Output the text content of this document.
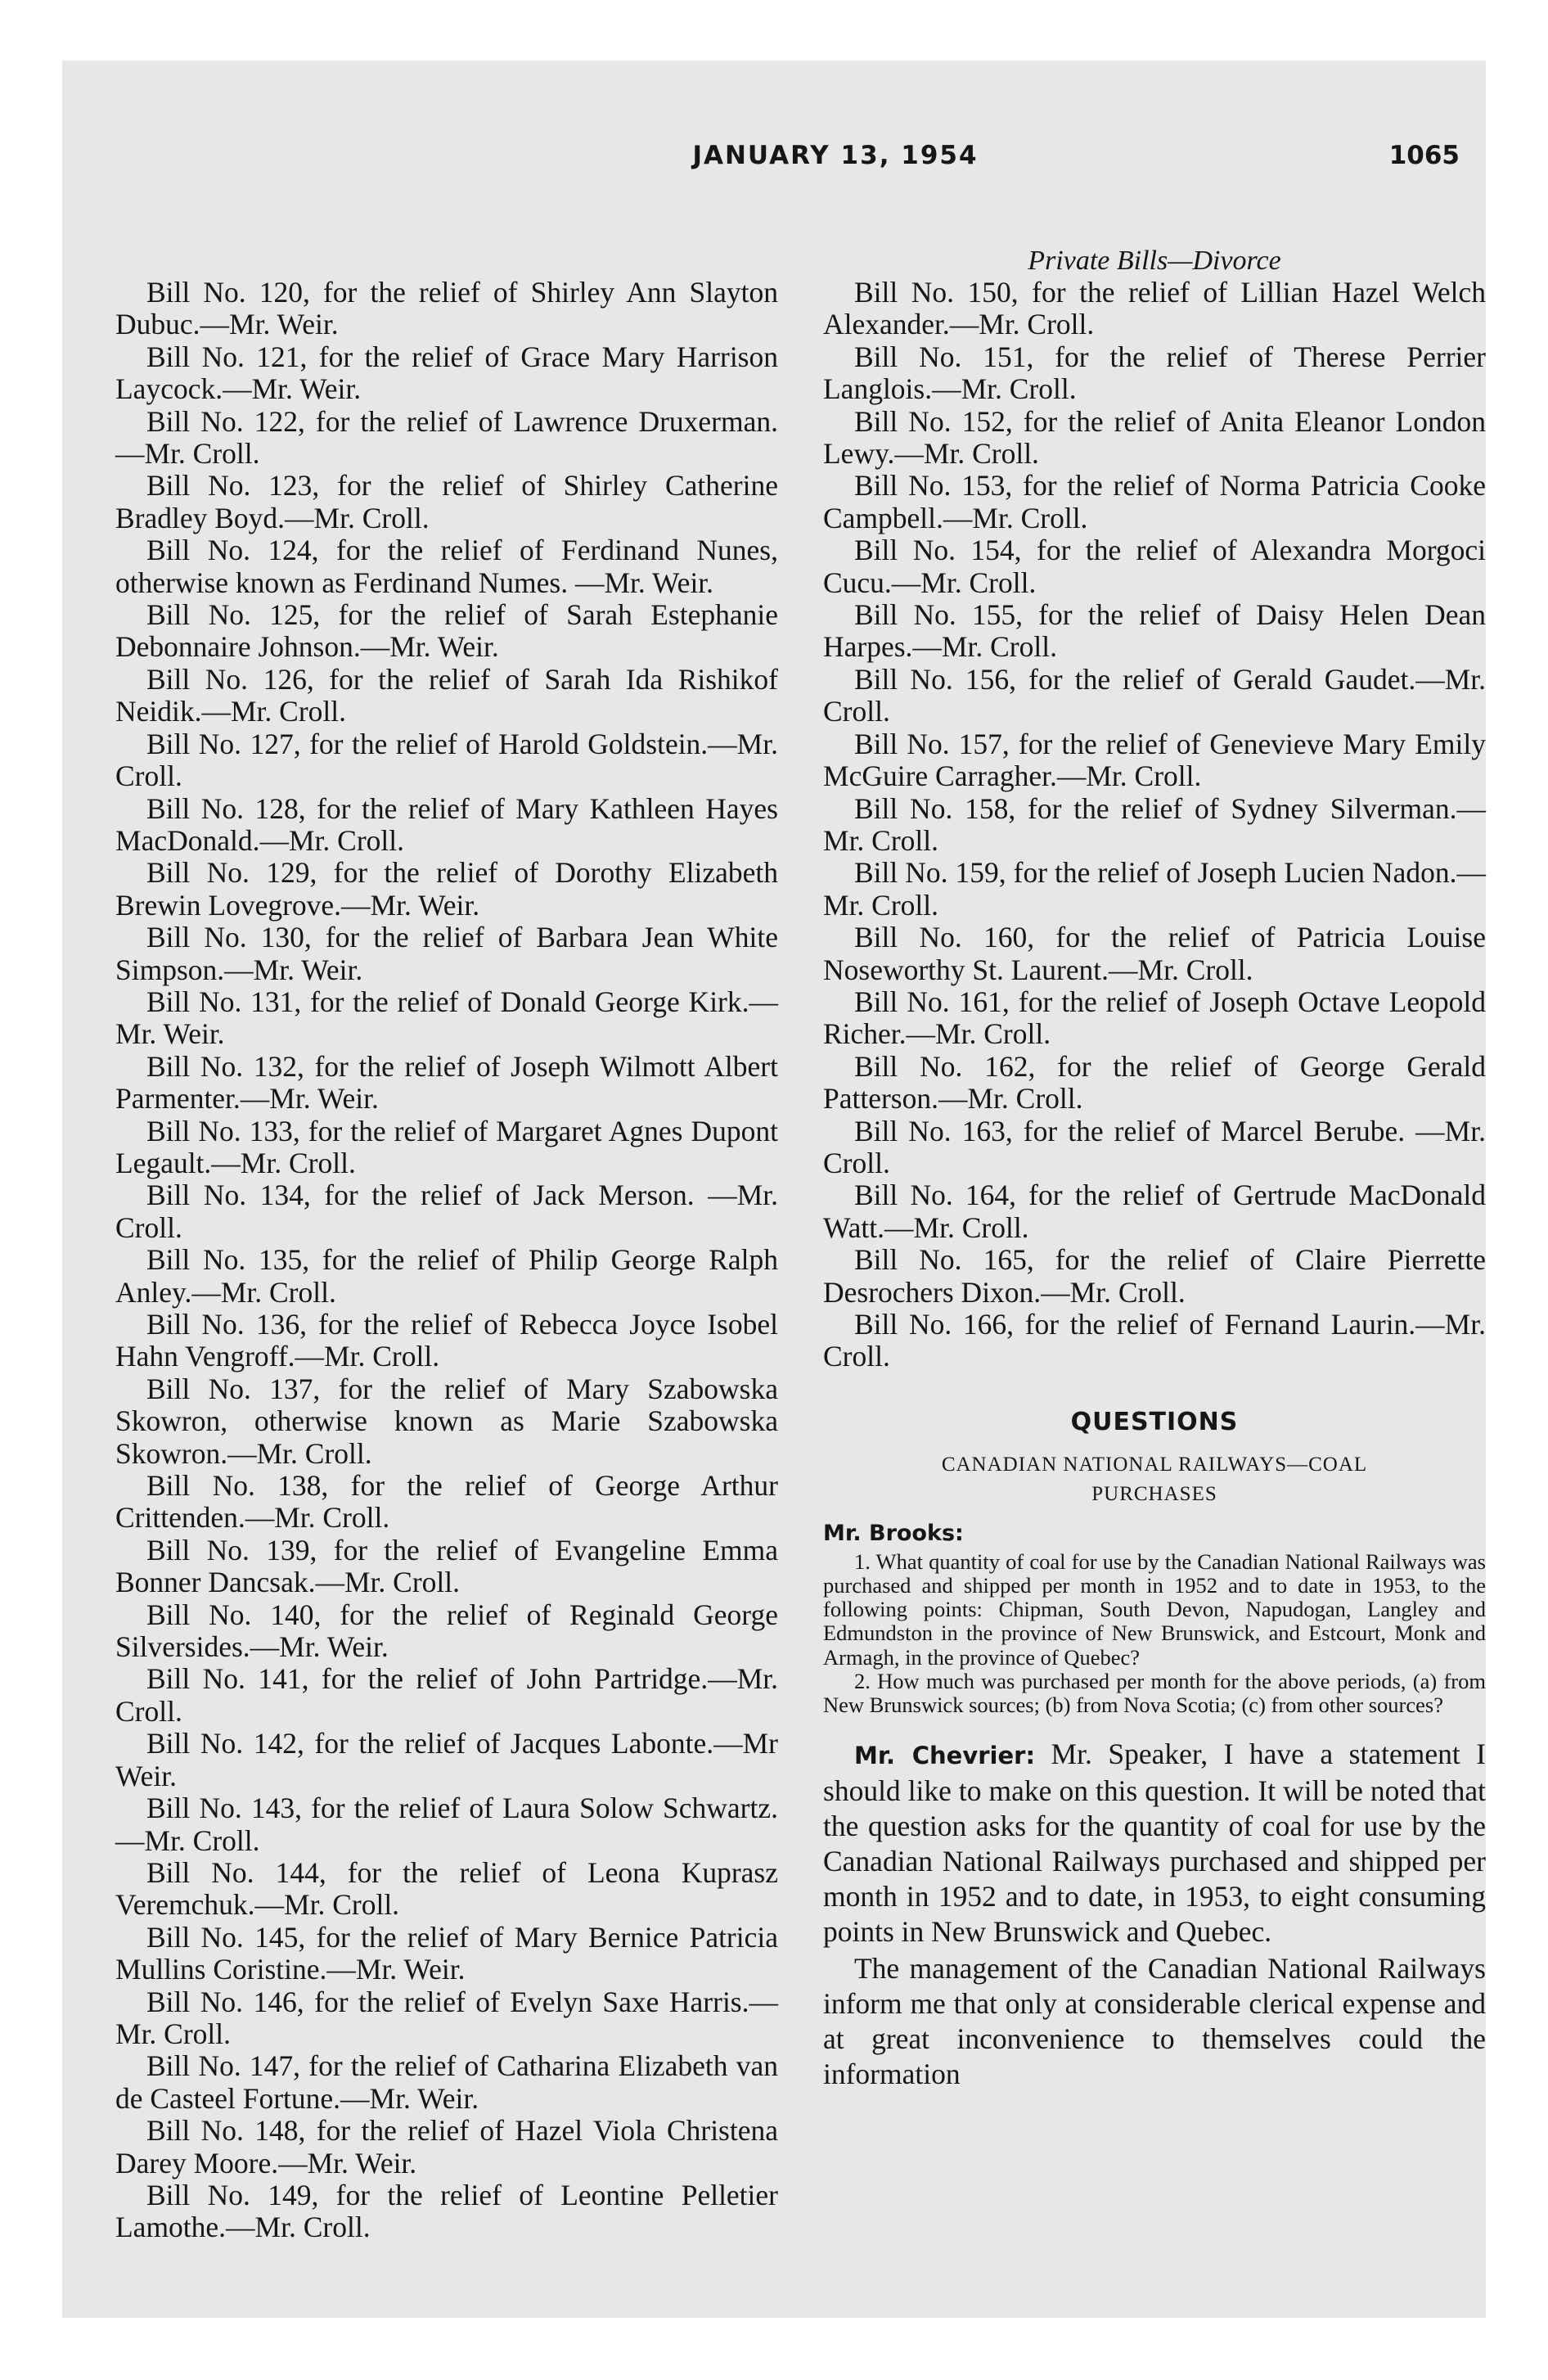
JANUARY 13, 1954	1065

Bill No. 120, for the relief of Shirley Ann Slayton Dubuc.—Mr. Weir.

Bill No. 121, for the relief of Grace Mary Harrison Laycock.—Mr. Weir.

Bill No. 122, for the relief of Lawrence Druxerman.—Mr. Croll.

Bill No. 123, for the relief of Shirley Catherine Bradley Boyd.—Mr. Croll.

Bill No. 124, for the relief of Ferdinand Nunes, otherwise known as Ferdinand Numes. —Mr. Weir.

Bill No. 125, for the relief of Sarah Estephanie Debonnaire Johnson.—Mr. Weir.

Bill No. 126, for the relief of Sarah Ida Rishikof Neidik.—Mr. Croll.

Bill No. 127, for the relief of Harold Goldstein.—Mr. Croll.

Bill No. 128, for the relief of Mary Kathleen Hayes MacDonald.—Mr. Croll.

Bill No. 129, for the relief of Dorothy Elizabeth Brewin Lovegrove.—Mr. Weir.

Bill No. 130, for the relief of Barbara Jean White Simpson.—Mr. Weir.

Bill No. 131, for the relief of Donald George Kirk.—Mr. Weir.

Bill No. 132, for the relief of Joseph Wilmott Albert Parmenter.—Mr. Weir.

Bill No. 133, for the relief of Margaret Agnes Dupont Legault.—Mr. Croll.

Bill No. 134, for the relief of Jack Merson. —Mr. Croll.

Bill No. 135, for the relief of Philip George Ralph Anley.—Mr. Croll.

Bill No. 136, for the relief of Rebecca Joyce Isobel Hahn Vengroff.—Mr. Croll.

Bill No. 137, for the relief of Mary Szabowska Skowron, otherwise known as Marie Szabowska Skowron.—Mr. Croll.

Bill No. 138, for the relief of George Arthur Crittenden.—Mr. Croll.

Bill No. 139, for the relief of Evangeline Emma Bonner Dancsak.—Mr. Croll.

Bill No. 140, for the relief of Reginald George Silversides.—Mr. Weir.

Bill No. 141, for the relief of John Partridge.—Mr. Croll.

Bill No. 142, for the relief of Jacques Labonte.—Mr Weir.

Bill No. 143, for the relief of Laura Solow Schwartz.—Mr. Croll.

Bill No. 144, for the relief of Leona Kuprasz Veremchuk.—Mr. Croll.

Bill No. 145, for the relief of Mary Bernice Patricia Mullins Coristine.—Mr. Weir.

Bill No. 146, for the relief of Evelyn Saxe Harris.—Mr. Croll.

Bill No. 147, for the relief of Catharina Elizabeth van de Casteel Fortune.—Mr. Weir.

Bill No. 148, for the relief of Hazel Viola Christena Darey Moore.—Mr. Weir.

Bill No. 149, for the relief of Leontine Pelletier Lamothe.—Mr. Croll.

Private Bills—Divorce

Bill No. 150, for the relief of Lillian Hazel Welch Alexander.—Mr. Croll.

Bill No. 151, for the relief of Therese Perrier Langlois.—Mr. Croll.

Bill No. 152, for the relief of Anita Eleanor London Lewy.—Mr. Croll.

Bill No. 153, for the relief of Norma Patricia Cooke Campbell.—Mr. Croll.

Bill No. 154, for the relief of Alexandra Morgoci Cucu.—Mr. Croll.

Bill No. 155, for the relief of Daisy Helen Dean Harpes.—Mr. Croll.

Bill No. 156, for the relief of Gerald Gaudet.—Mr. Croll.

Bill No. 157, for the relief of Genevieve Mary Emily McGuire Carragher.—Mr. Croll.

Bill No. 158, for the relief of Sydney Silverman.—Mr. Croll.

Bill No. 159, for the relief of Joseph Lucien Nadon.—Mr. Croll.

Bill No. 160, for the relief of Patricia Louise Noseworthy St. Laurent.—Mr. Croll.

Bill No. 161, for the relief of Joseph Octave Leopold Richer.—Mr. Croll.

Bill No. 162, for the relief of George Gerald Patterson.—Mr. Croll.

Bill No. 163, for the relief of Marcel Berube. —Mr. Croll.

Bill No. 164, for the relief of Gertrude MacDonald Watt.—Mr. Croll.

Bill No. 165, for the relief of Claire Pierrette Desrochers Dixon.—Mr. Croll.

Bill No. 166, for the relief of Fernand Laurin.—Mr. Croll.

QUESTIONS
CANADIAN NATIONAL RAILWAYS—COAL
PURCHASES
Mr. Brooks:

1. What quantity of coal for use by the Canadian National Railways was purchased and shipped per month in 1952 and to date in 1953, to the following points: Chipman, South Devon, Napudogan, Langley and Edmundston in the province of New Brunswick, and Estcourt, Monk and Armagh, in the province of Quebec?

2. How much was purchased per month for the above periods, (a) from New Brunswick sources; (b) from Nova Scotia; (c) from other sources?

Mr. Chevrier: Mr. Speaker, I have a statement I should like to make on this question. It will be noted that the question asks for the quantity of coal for use by the Canadian National Railways purchased and shipped per month in 1952 and to date, in 1953, to eight consuming points in New Brunswick and Quebec.

The management of the Canadian National Railways inform me that only at considerable clerical expense and at great inconvenience to themselves could the information
